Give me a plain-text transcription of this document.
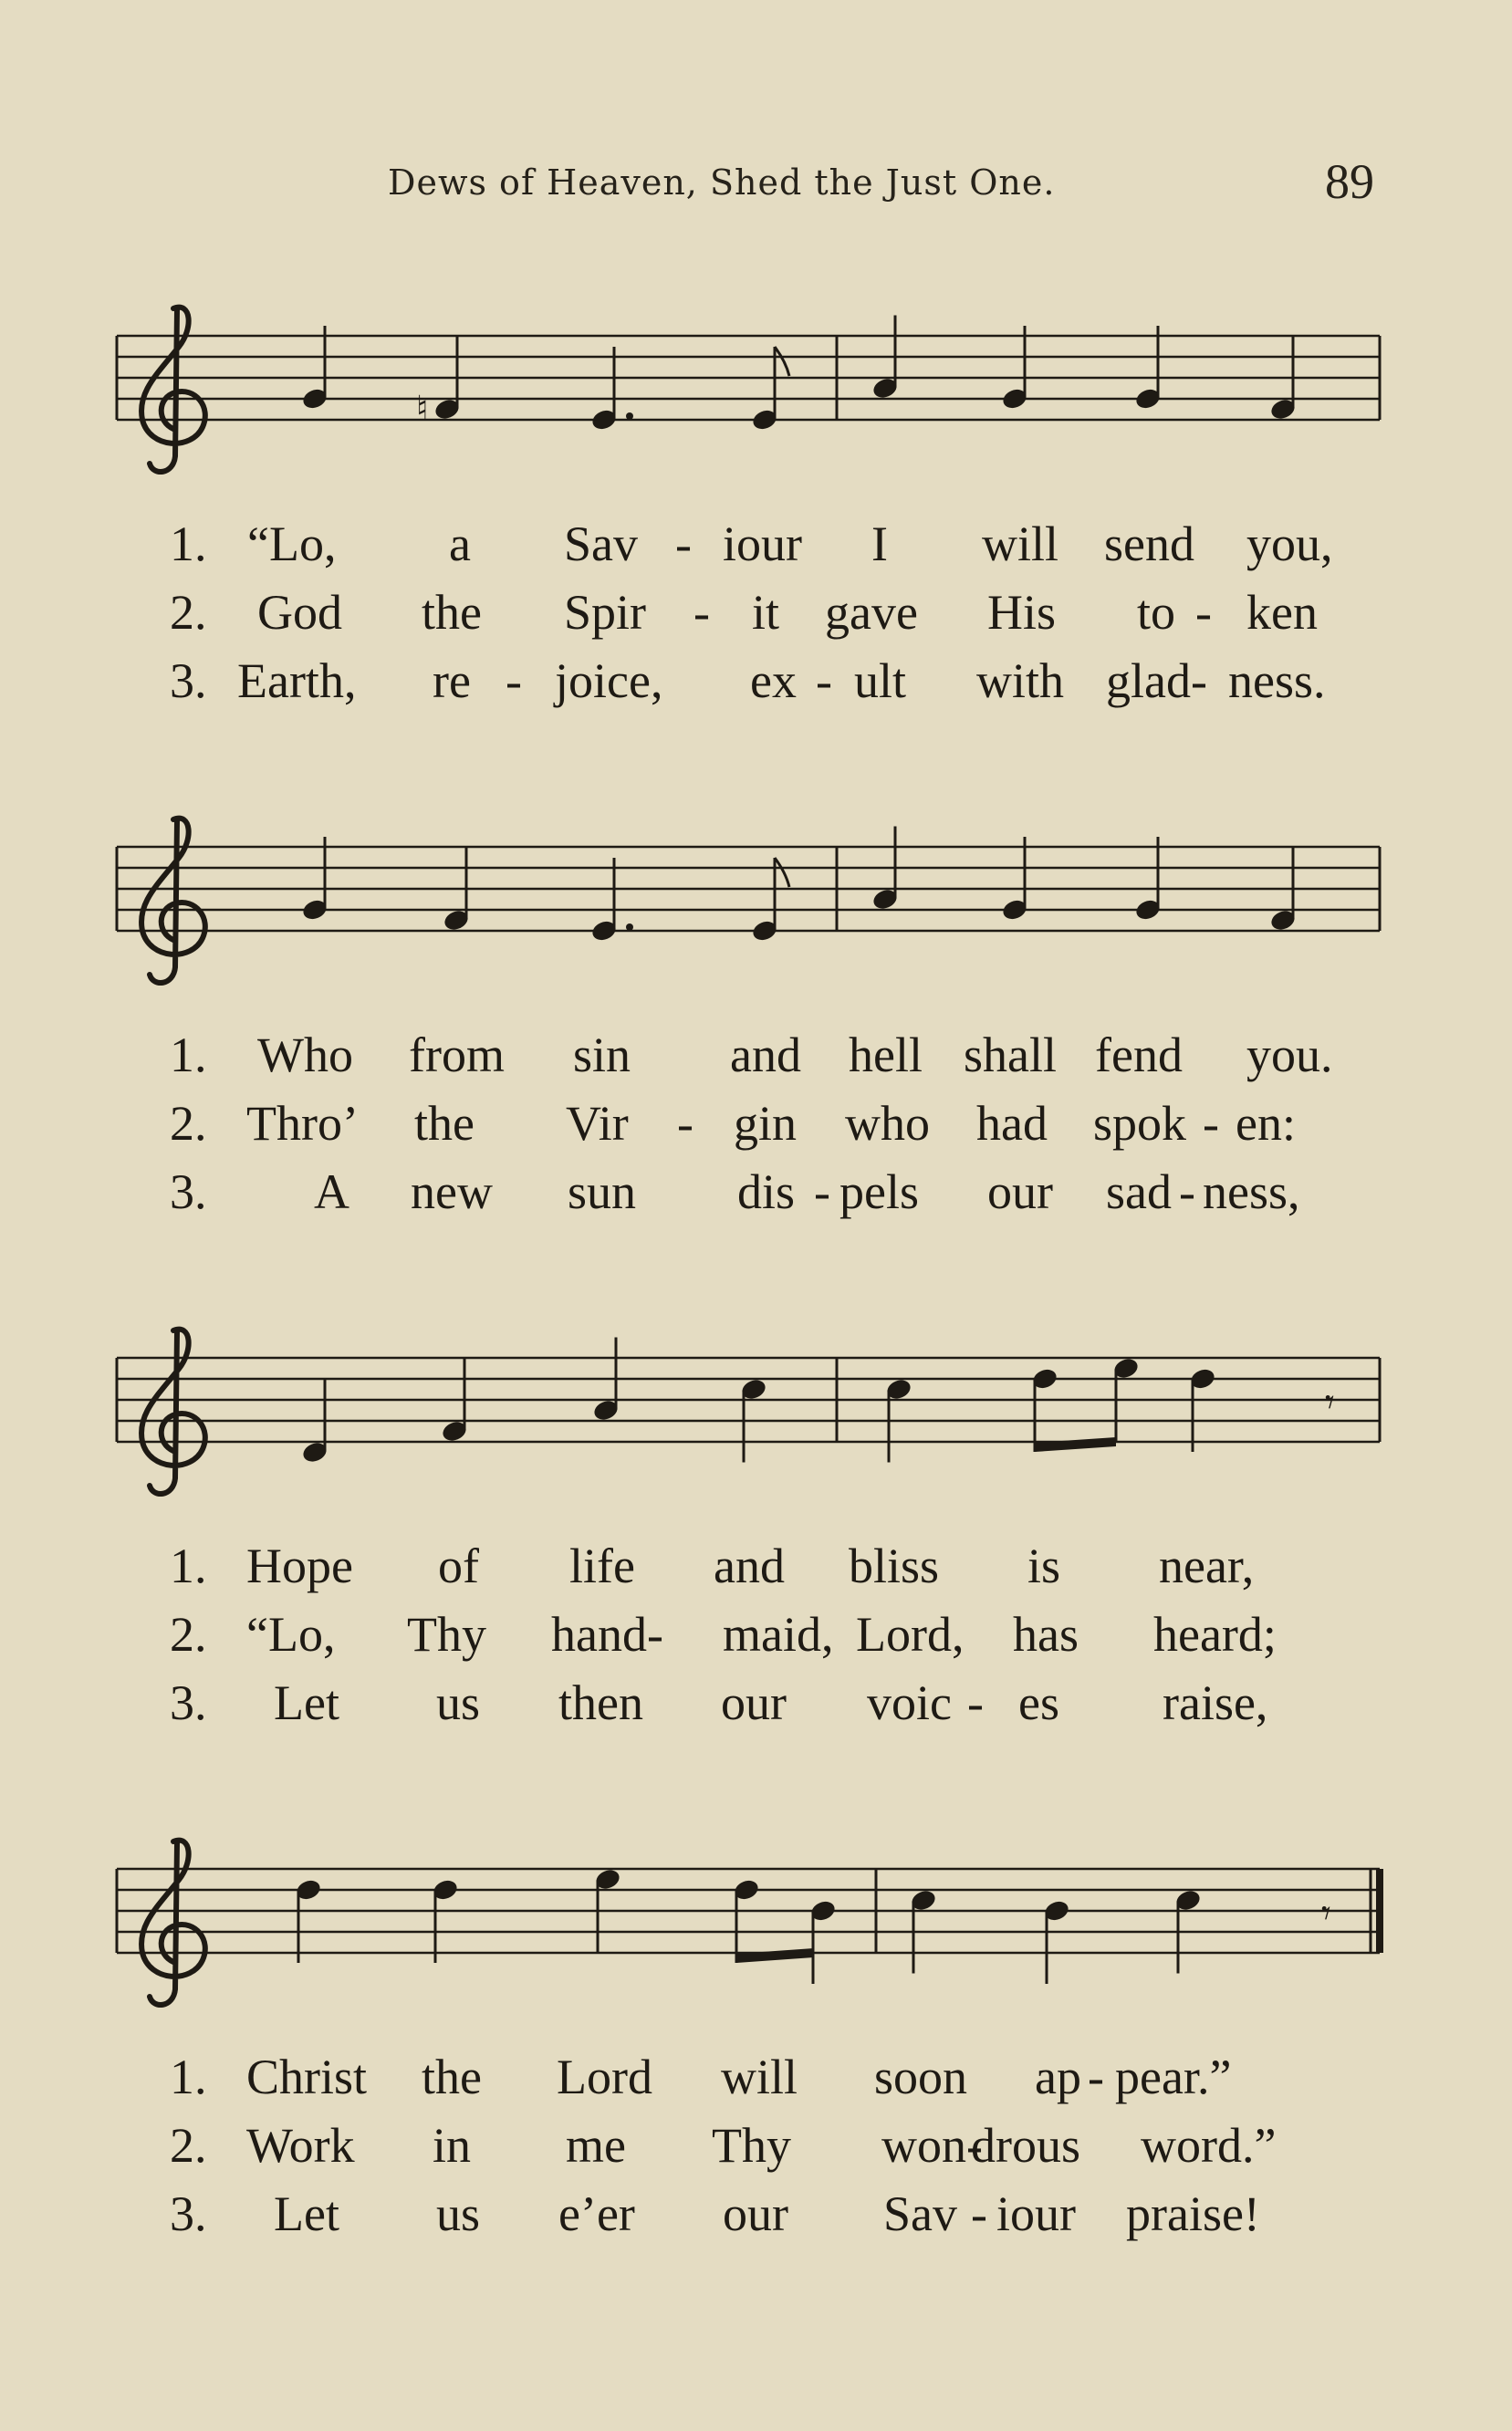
Dews of Heaven, Shed the Just One.	89
♮
1. “Lo, a Sav - iour I will send you,
2. God the Spir - it gave His to - ken
3. Earth, re - joice, ex - ult with glad- ness.
1. Who from sin and hell shall fend you.
2. Thro’ the Vir - gin who had spok - en:
3. A new sun dis - pels our sad - ness,
𝄾
1. Hope of life and bliss is near,
2. “Lo, Thy hand- maid, Lord, has heard;
3. Let us then our voic - es raise,
𝄾
1. Christ the Lord will soon ap - pear.”
2. Work in me Thy won-
drous word.”
3. Let us e’er our Sav - iour praise!
